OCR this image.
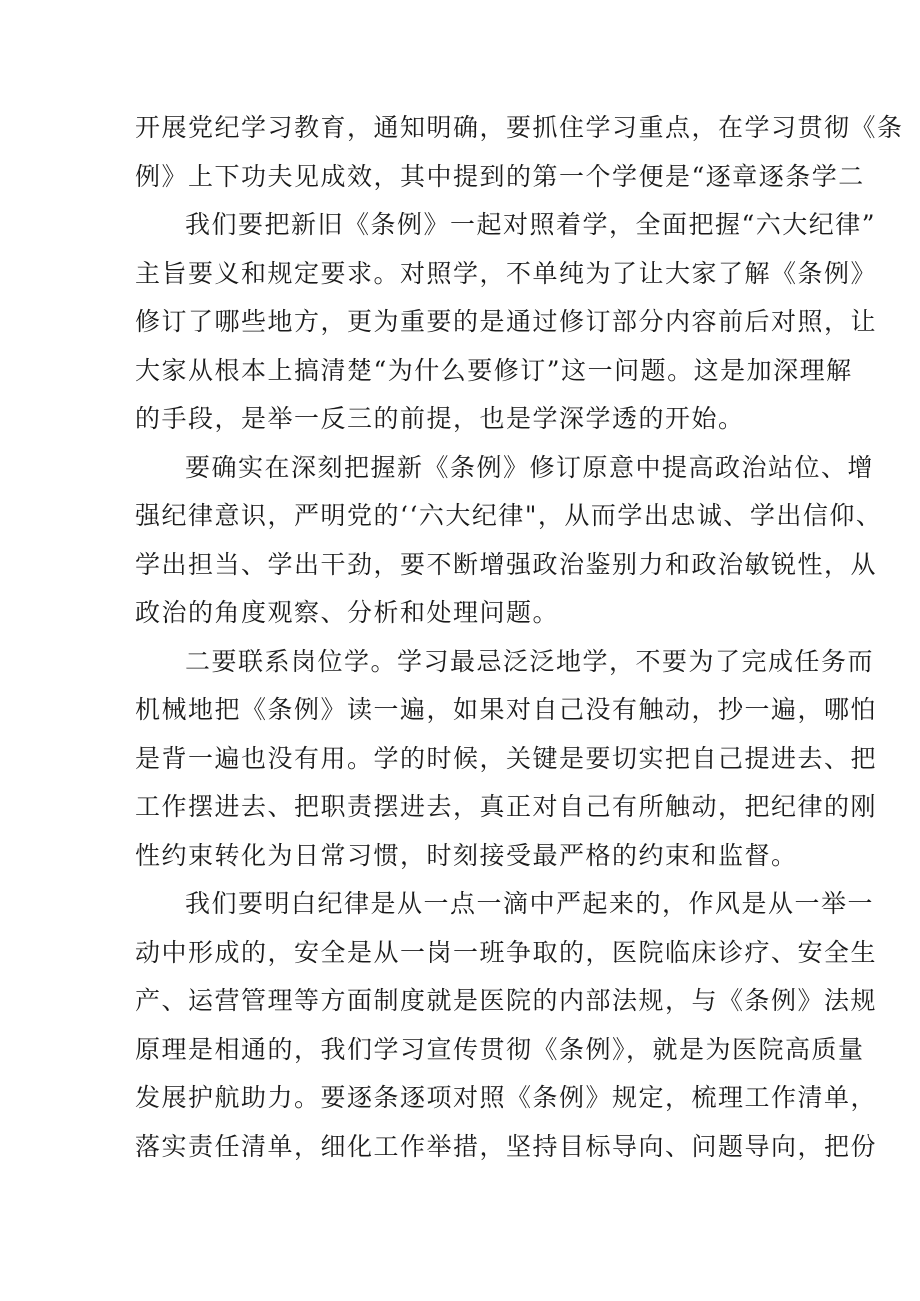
开展党纪学习教育，通知明确，要抓住学习重点，在学习贯彻《条
例》上下功夫见成效，其中提到的第一个学便是“逐章逐条学二
我们要把新旧《条例》一起对照着学，全面把握“六大纪律”
主旨要义和规定要求。对照学，不单纯为了让大家了解《条例》
修订了哪些地方，更为重要的是通过修订部分内容前后对照，让
大家从根本上搞清楚“为什么要修订”这一问题。这是加深理解
的手段，是举一反三的前提，也是学深学透的开始。
要确实在深刻把握新《条例》修订原意中提高政治站位、增
强纪律意识，严明党的‘‘六大纪律"，从而学出忠诚、学出信仰、
学出担当、学出干劲，要不断增强政治鉴别力和政治敏锐性，从
政治的角度观察、分析和处理问题。
二要联系岗位学。学习最忌泛泛地学，不要为了完成任务而
机械地把《条例》读一遍，如果对自己没有触动，抄一遍，哪怕
是背一遍也没有用。学的时候，关键是要切实把自己提进去、把
工作摆进去、把职责摆进去，真正对自己有所触动，把纪律的刚
性约束转化为日常习惯，时刻接受最严格的约束和监督。
我们要明白纪律是从一点一滴中严起来的，作风是从一举一
动中形成的，安全是从一岗一班争取的，医院临床诊疗、安全生
产、运营管理等方面制度就是医院的内部法规，与《条例》法规
原理是相通的，我们学习宣传贯彻《条例》，就是为医院高质量
发展护航助力。要逐条逐项对照《条例》规定，梳理工作清单，
落实责任清单，细化工作举措，坚持目标导向、问题导向，把份
